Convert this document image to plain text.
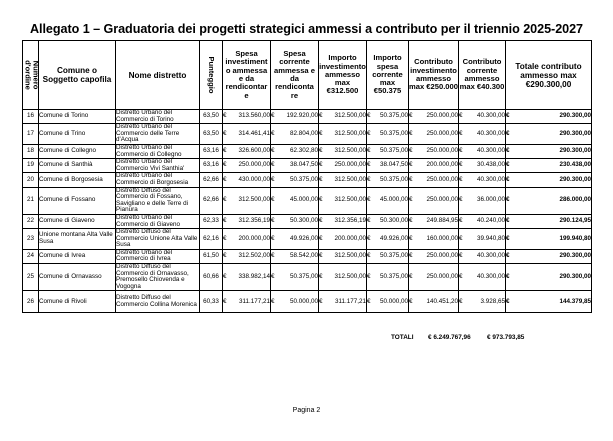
Allegato 1 – Graduatoria dei progetti strategici ammessi a contributo per il triennio 2025-2027
Numero d'ordine	Comune o Soggetto capofila	Nome distretto	Punteggio	Spesa investiment o ammessa e da rendicontar e	Spesa corrente ammessa e da rendiconta re	Importo investimento ammesso max €312.500	Importo spesa corrente max €50.375	Contributo investimento ammesso max €250.000	Contributo corrente ammesso max €40.300	Totale contributo ammesso max €290.300,00
16	Comune di Torino	Distretto Urbano del Commercio di Torino	63,50	€ 313.560,00	€ 192.920,00	€ 312.500,00	€ 50.375,00	€ 250.000,00	€ 40.300,00	€ 290.300,00

17	Comune di Trino	Distretto Urbano del Commercio delle Terre d'Acqua	63,50	€ 314.461,41	€ 82.804,00	€ 312.500,00	€ 50.375,00	€ 250.000,00	€ 40.300,00	€ 290.300,00

18	Comune di Collegno	Distretto Urbano del Commercio di Collegno	63,16	€ 326.600,00	€ 62.302,80	€ 312.500,00	€ 50.375,00	€ 250.000,00	€ 40.300,00	€ 290.300,00

19	Comune di Santhià	Distretto Urbano del Commercio Vivi Santhia'	63,16	€ 250.000,00	€ 38.047,50	€ 250.000,00	€ 38.047,50	€ 200.000,00	€ 30.438,00	€ 230.438,00

20	Comune di Borgosesia	Distretto Urbano del Commercio di Borgosesia	62,66	€ 430.000,00	€ 50.375,00	€ 312.500,00	€ 50.375,00	€ 250.000,00	€ 40.300,00	€ 290.300,00

21	Comune di Fossano	Distretto Diffuso del Commercio di Fossano, Savigliano e delle Terre di Pianura	62,66	€ 312.500,00	€ 45.000,00	€ 312.500,00	€ 45.000,00	€ 250.000,00	€ 36.000,00	€ 286.000,00

22	Comune di Giaveno	Distretto Urbano del Commercio di Giaveno	62,33	€ 312.356,19	€ 50.300,00	€ 312.356,19	€ 50.300,00	€ 249.884,95	€ 40.240,00	€ 290.124,95

23	Unione montana Alta Valle Susa	Distretto Diffuso del Commercio Unione Alta Valle Susa	62,16	€ 200.000,00	€ 49.926,00	€ 200.000,00	€ 49.926,00	€ 160.000,00	€ 39.940,80	€ 199.940,80

24	Comune di Ivrea	Distretto Urbano del Commercio di Ivrea	61,50	€ 312.502,00	€ 58.542,00	€ 312.500,00	€ 50.375,00	€ 250.000,00	€ 40.300,00	€ 290.300,00

25	Comune di Ornavasso	Distretto Diffuso del Commercio di Ornavasso, Premosello Chiovenda e Vogogna	60,66	€ 338.982,14	€ 50.375,00	€ 312.500,00	€ 50.375,00	€ 250.000,00	€ 40.300,00	€ 290.300,00

26	Comune di Rivoli	Distretto Diffuso del Commercio Collina Morenica	60,33	€ 311.177,21	€ 50.000,00	€ 311.177,21	€ 50.000,00	€ 140.451,20	€ 3.928,65	€ 144.379,85
TOTALI € 6.249.767,96	€ 973.793,85
Pagina 2
